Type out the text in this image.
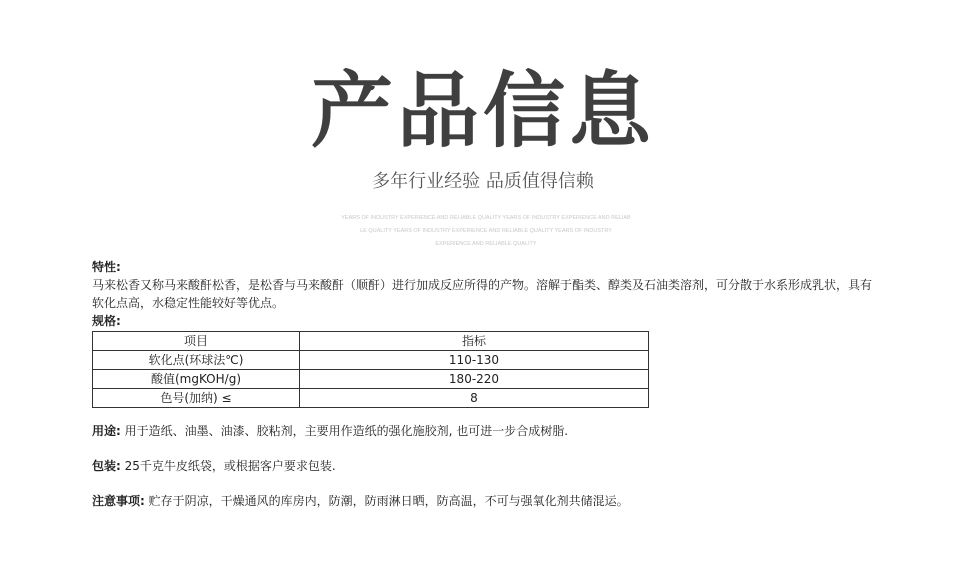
产品信息
多年行业经验 品质值得信赖
YEARS OF INDUSTRY EXPERIENCE AND RELIABLE QUALITY YEARS OF INDUSTRY EXPERIENCE AND RELIAB
LE QUALITY YEARS OF INDUSTRY EXPERIENCE AND RELIABLE QUALITY YEARS OF INDUSTRY
EXPERIENCE AND RELIABLE QUALITY
特性:

马来松香又称马来酸酐松香，是松香与马来酸酐（顺酐）进行加成反应所得的产物。溶解于酯类、醇类及石油类溶剂，可分散于水系形成乳状，具有软化点高，水稳定性能较好等优点。

规格:
项目	指标
软化点(环球法℃)	110-130
酸值(mgKOH/g)	180-220
色号(加纳) ≤	8
用途: 用于造纸、油墨、油漆、胶粘剂，主要用作造纸的强化施胶剂, 也可进一步合成树脂.
包装: 25千克牛皮纸袋，或根据客户要求包装.
注意事项: 贮存于阴凉，干燥通风的库房内，防潮，防雨淋日晒，防高温，不可与强氧化剂共储混运。
